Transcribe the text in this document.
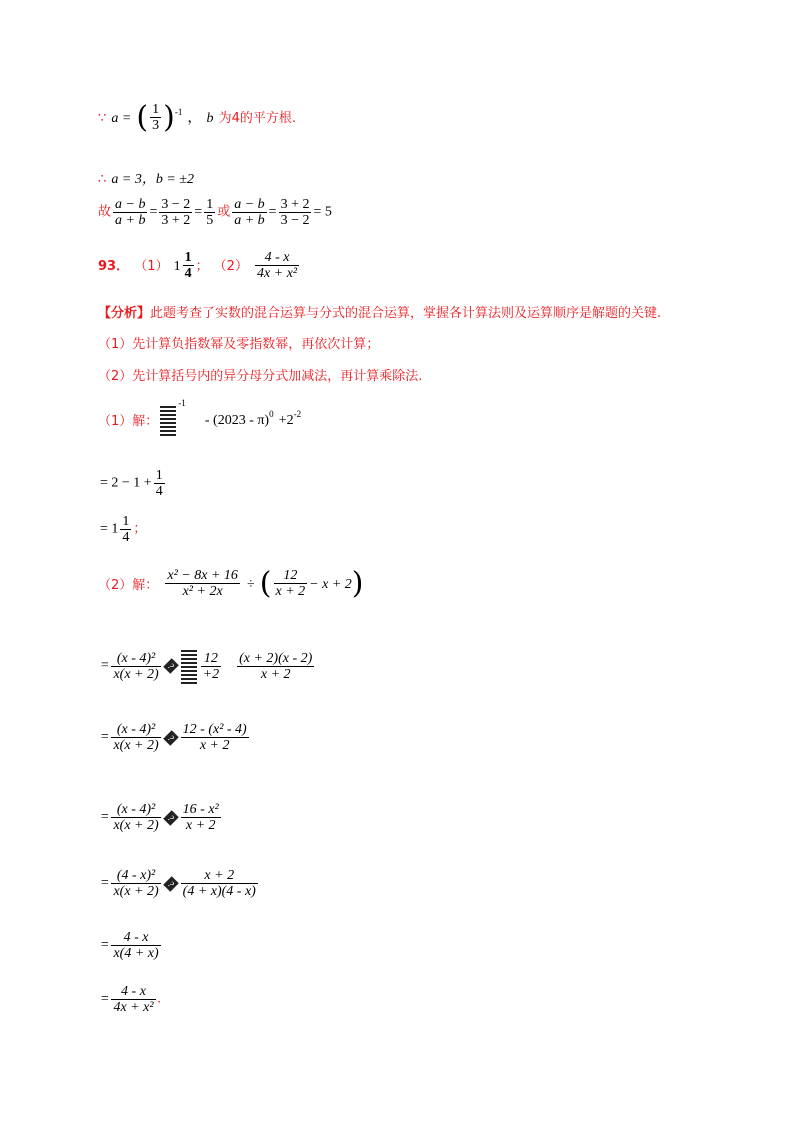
∵ a = ( $\frac{1}{3} )^{-1}$ ， b 为4的平方根.
∴ a = 3，b = ±2
故 $\frac{a - b}{a + b} = \frac{3 - 2}{3 + 2} = \frac{1}{5}$ 或 $\frac{a - b}{a + b} = \frac{3 + 2}{3 - 2} = 5$
93． （1） $1 \frac{1}{4}$ ； $(2) \frac{4 - x}{\text{4x + x²}}$
【分析】此题考查了实数的混合运算与分式的混合运算，掌握各计算法则及运算顺序是解题的关键.
（1）先计算负指数幂及零指数幂，再依次计算；
（2）先计算括号内的异分母分式加减法，再计算乘除法.
（1）解：$^{-1} - (2023 - \pi)^0 +2^{-2}$
= $2 - 1 + \frac{1}{4}$
= $1 \frac{1}{4}$ ；
（2）解： $\frac{\text{x² − 8x + 16}}{\text{x² + 2x}}$ ÷ ( $\frac{12}{x + 2} - x + 2$)
= $\frac{\text{(x - 4)²}}{x(x + 2)}$ ? $\frac{12}{+2} \frac{(x + 2)(x - 2)}{x + 2}$
= $\frac{\text{(x - 4)²}}{x(x + 2)}$ ? $\frac{\text{12 - (x² - 4)}}{x + 2}$
= $\frac{\text{(x - 4)²}}{x(x + 2)}$ ? $\frac{\text{16 - x²}}{x + 2}$
= $\frac{\text{(4 - x)²}}{x(x + 2)}$ ? $\frac{x + 2}{(4 + x)(4 - x)}$
= $\frac{4 - x}{x(4 + x)}$
= $\frac{4 - x}{\text{4x + x²}}$ .
